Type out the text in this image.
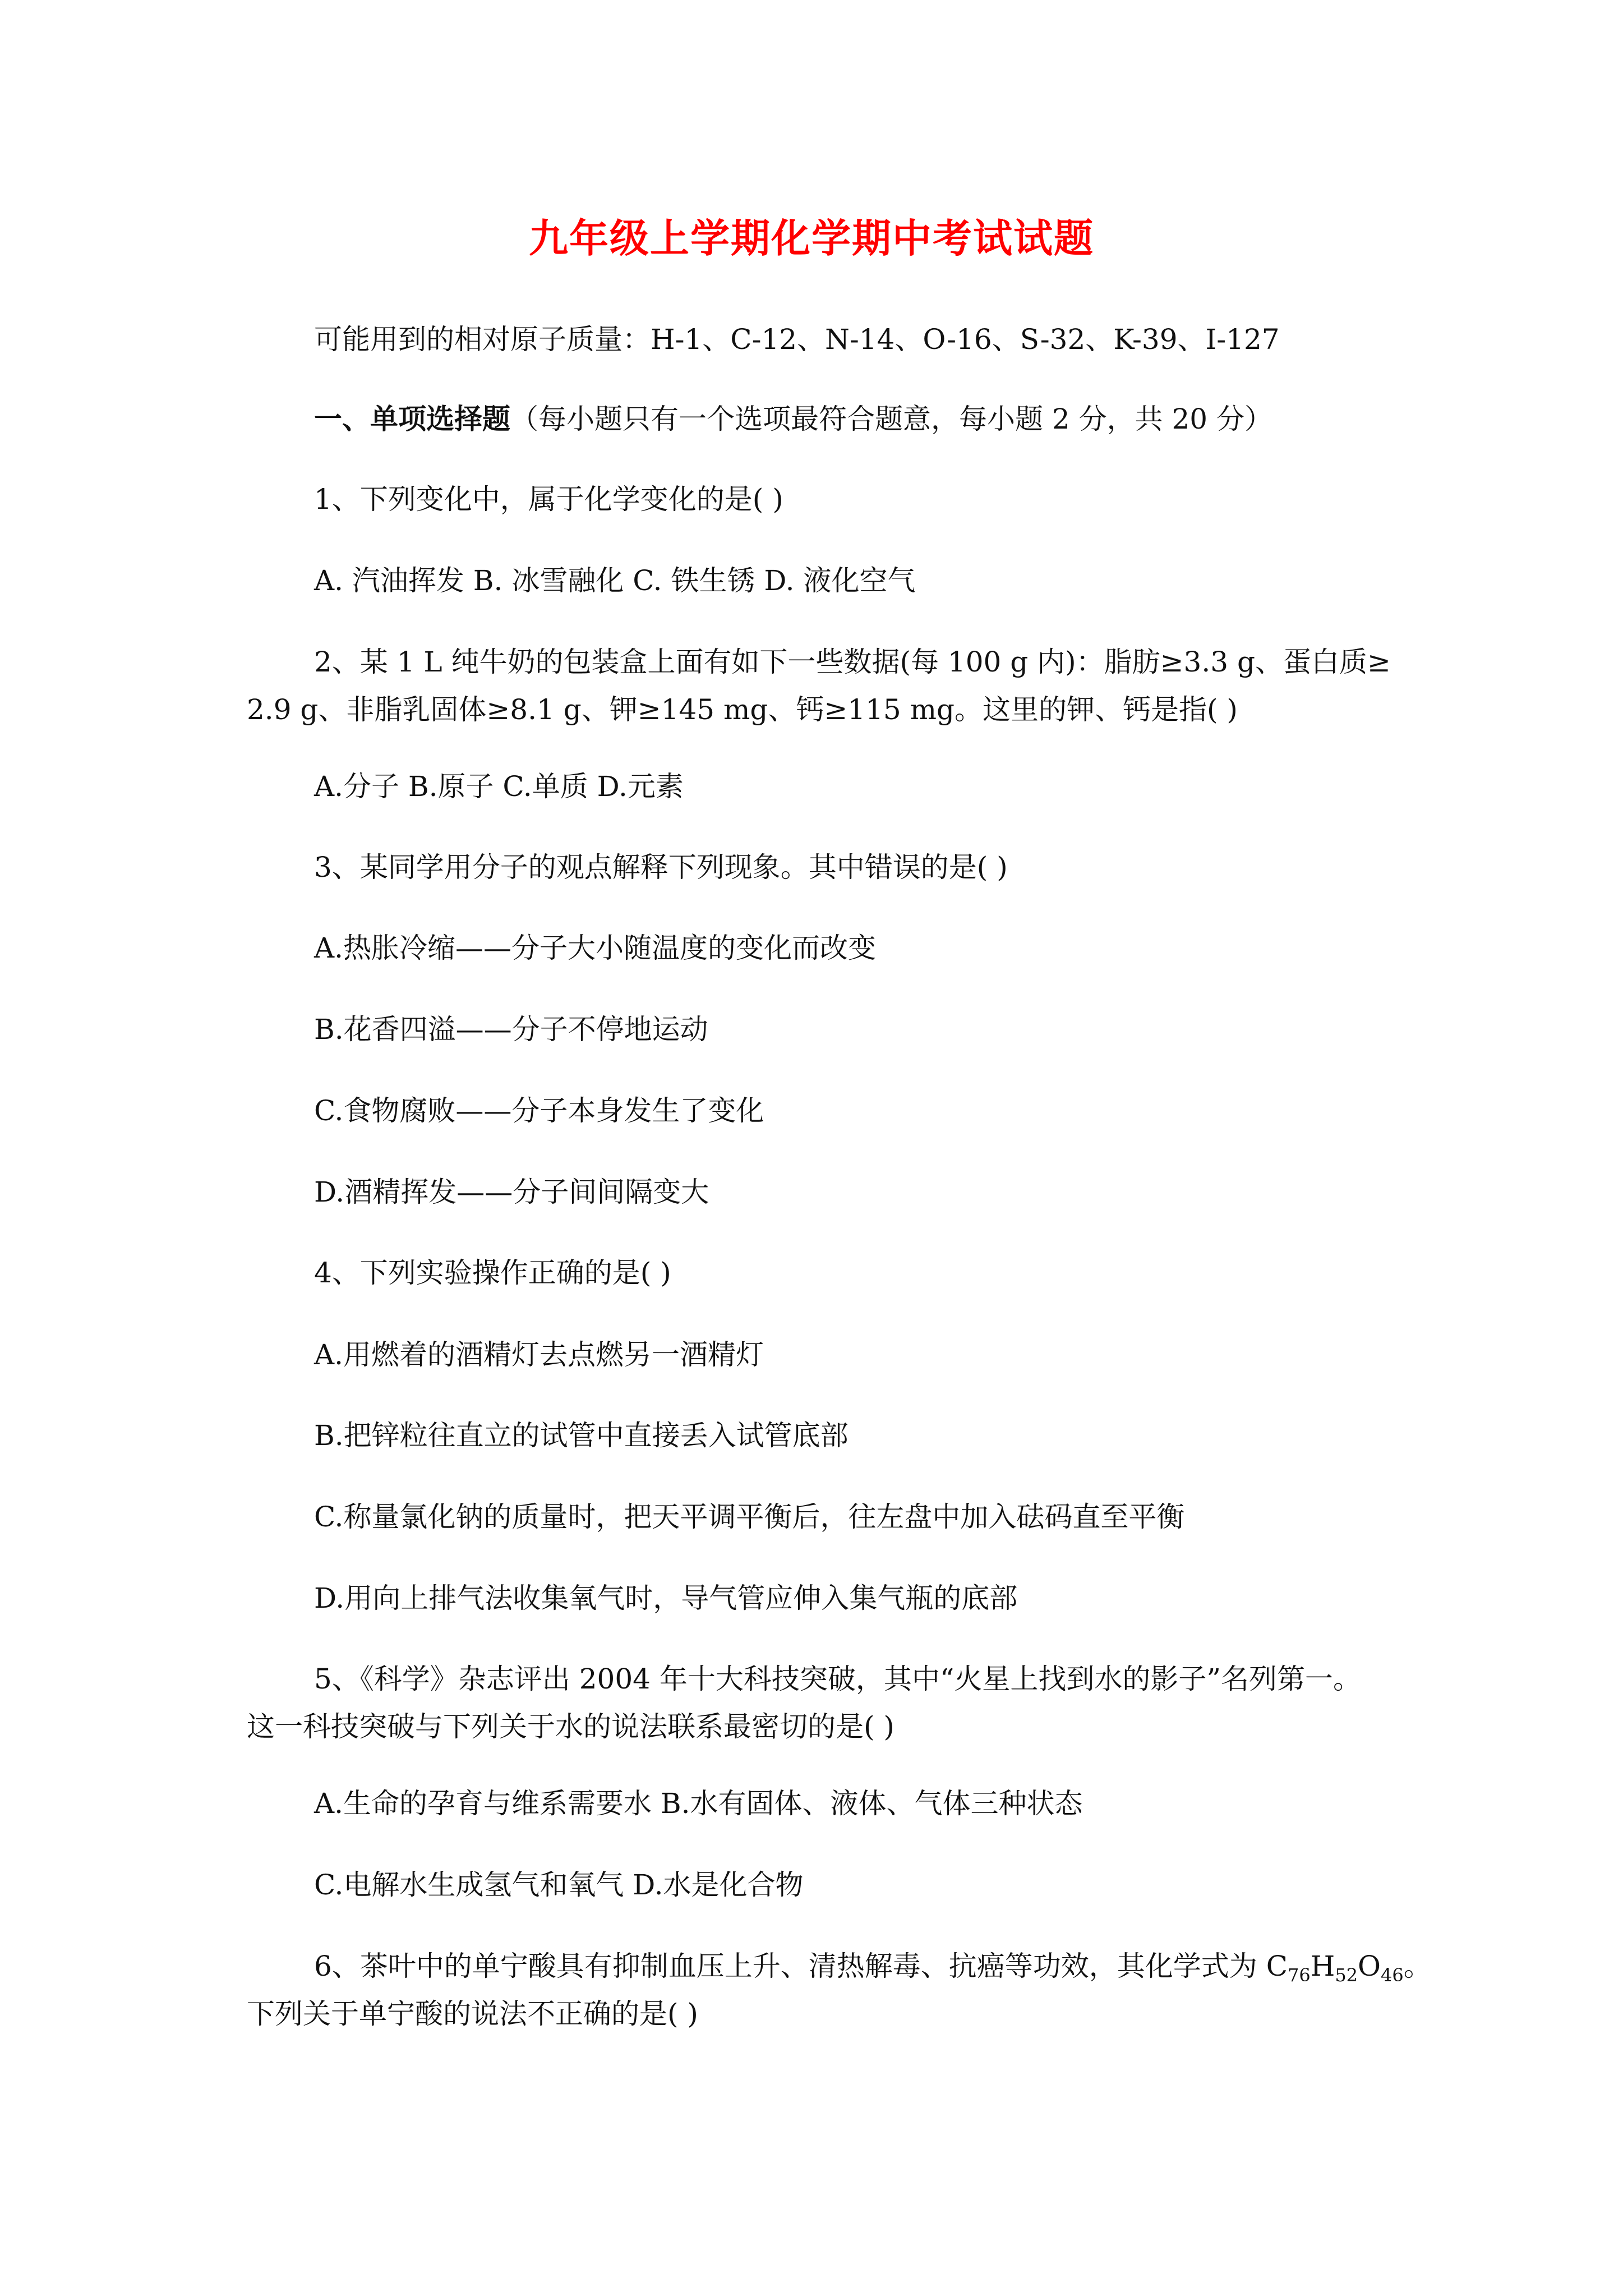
九年级上学期化学期中考试试题
可能用到的相对原子质量：H-1、C-12、N-14、O-16、S-32、K-39、I-127
一、单项选择题（每小题只有一个选项最符合题意，每小题 2 分，共 20 分）
1、下列变化中，属于化学变化的是( )
A. 汽油挥发 B. 冰雪融化 C. 铁生锈 D. 液化空气
2、某 1 L 纯牛奶的包装盒上面有如下一些数据(每 100 g 内)：脂肪≥3.3 g、蛋白质≥
2.9 g、非脂乳固体≥8.1 g、钾≥145 mg、钙≥115 mg。这里的钾、钙是指( )
A.分子 B.原子 C.单质 D.元素
3、某同学用分子的观点解释下列现象。其中错误的是( )
A.热胀冷缩——分子大小随温度的变化而改变
B.花香四溢——分子不停地运动
C.食物腐败——分子本身发生了变化
D.酒精挥发——分子间间隔变大
4、下列实验操作正确的是( )
A.用燃着的酒精灯去点燃另一酒精灯
B.把锌粒往直立的试管中直接丢入试管底部
C.称量氯化钠的质量时，把天平调平衡后，往左盘中加入砝码直至平衡
D.用向上排气法收集氧气时，导气管应伸入集气瓶的底部
5、《科学》杂志评出 2004 年十大科技突破，其中“火星上找到水的影子”名列第一。
这一科技突破与下列关于水的说法联系最密切的是( )
A.生命的孕育与维系需要水 B.水有固体、液体、气体三种状态
C.电解水生成氢气和氧气 D.水是化合物
6、茶叶中的单宁酸具有抑制血压上升、清热解毒、抗癌等功效，其化学式为 $C_{76}H_{52}O_{46}$。
下列关于单宁酸的说法不正确的是( )
